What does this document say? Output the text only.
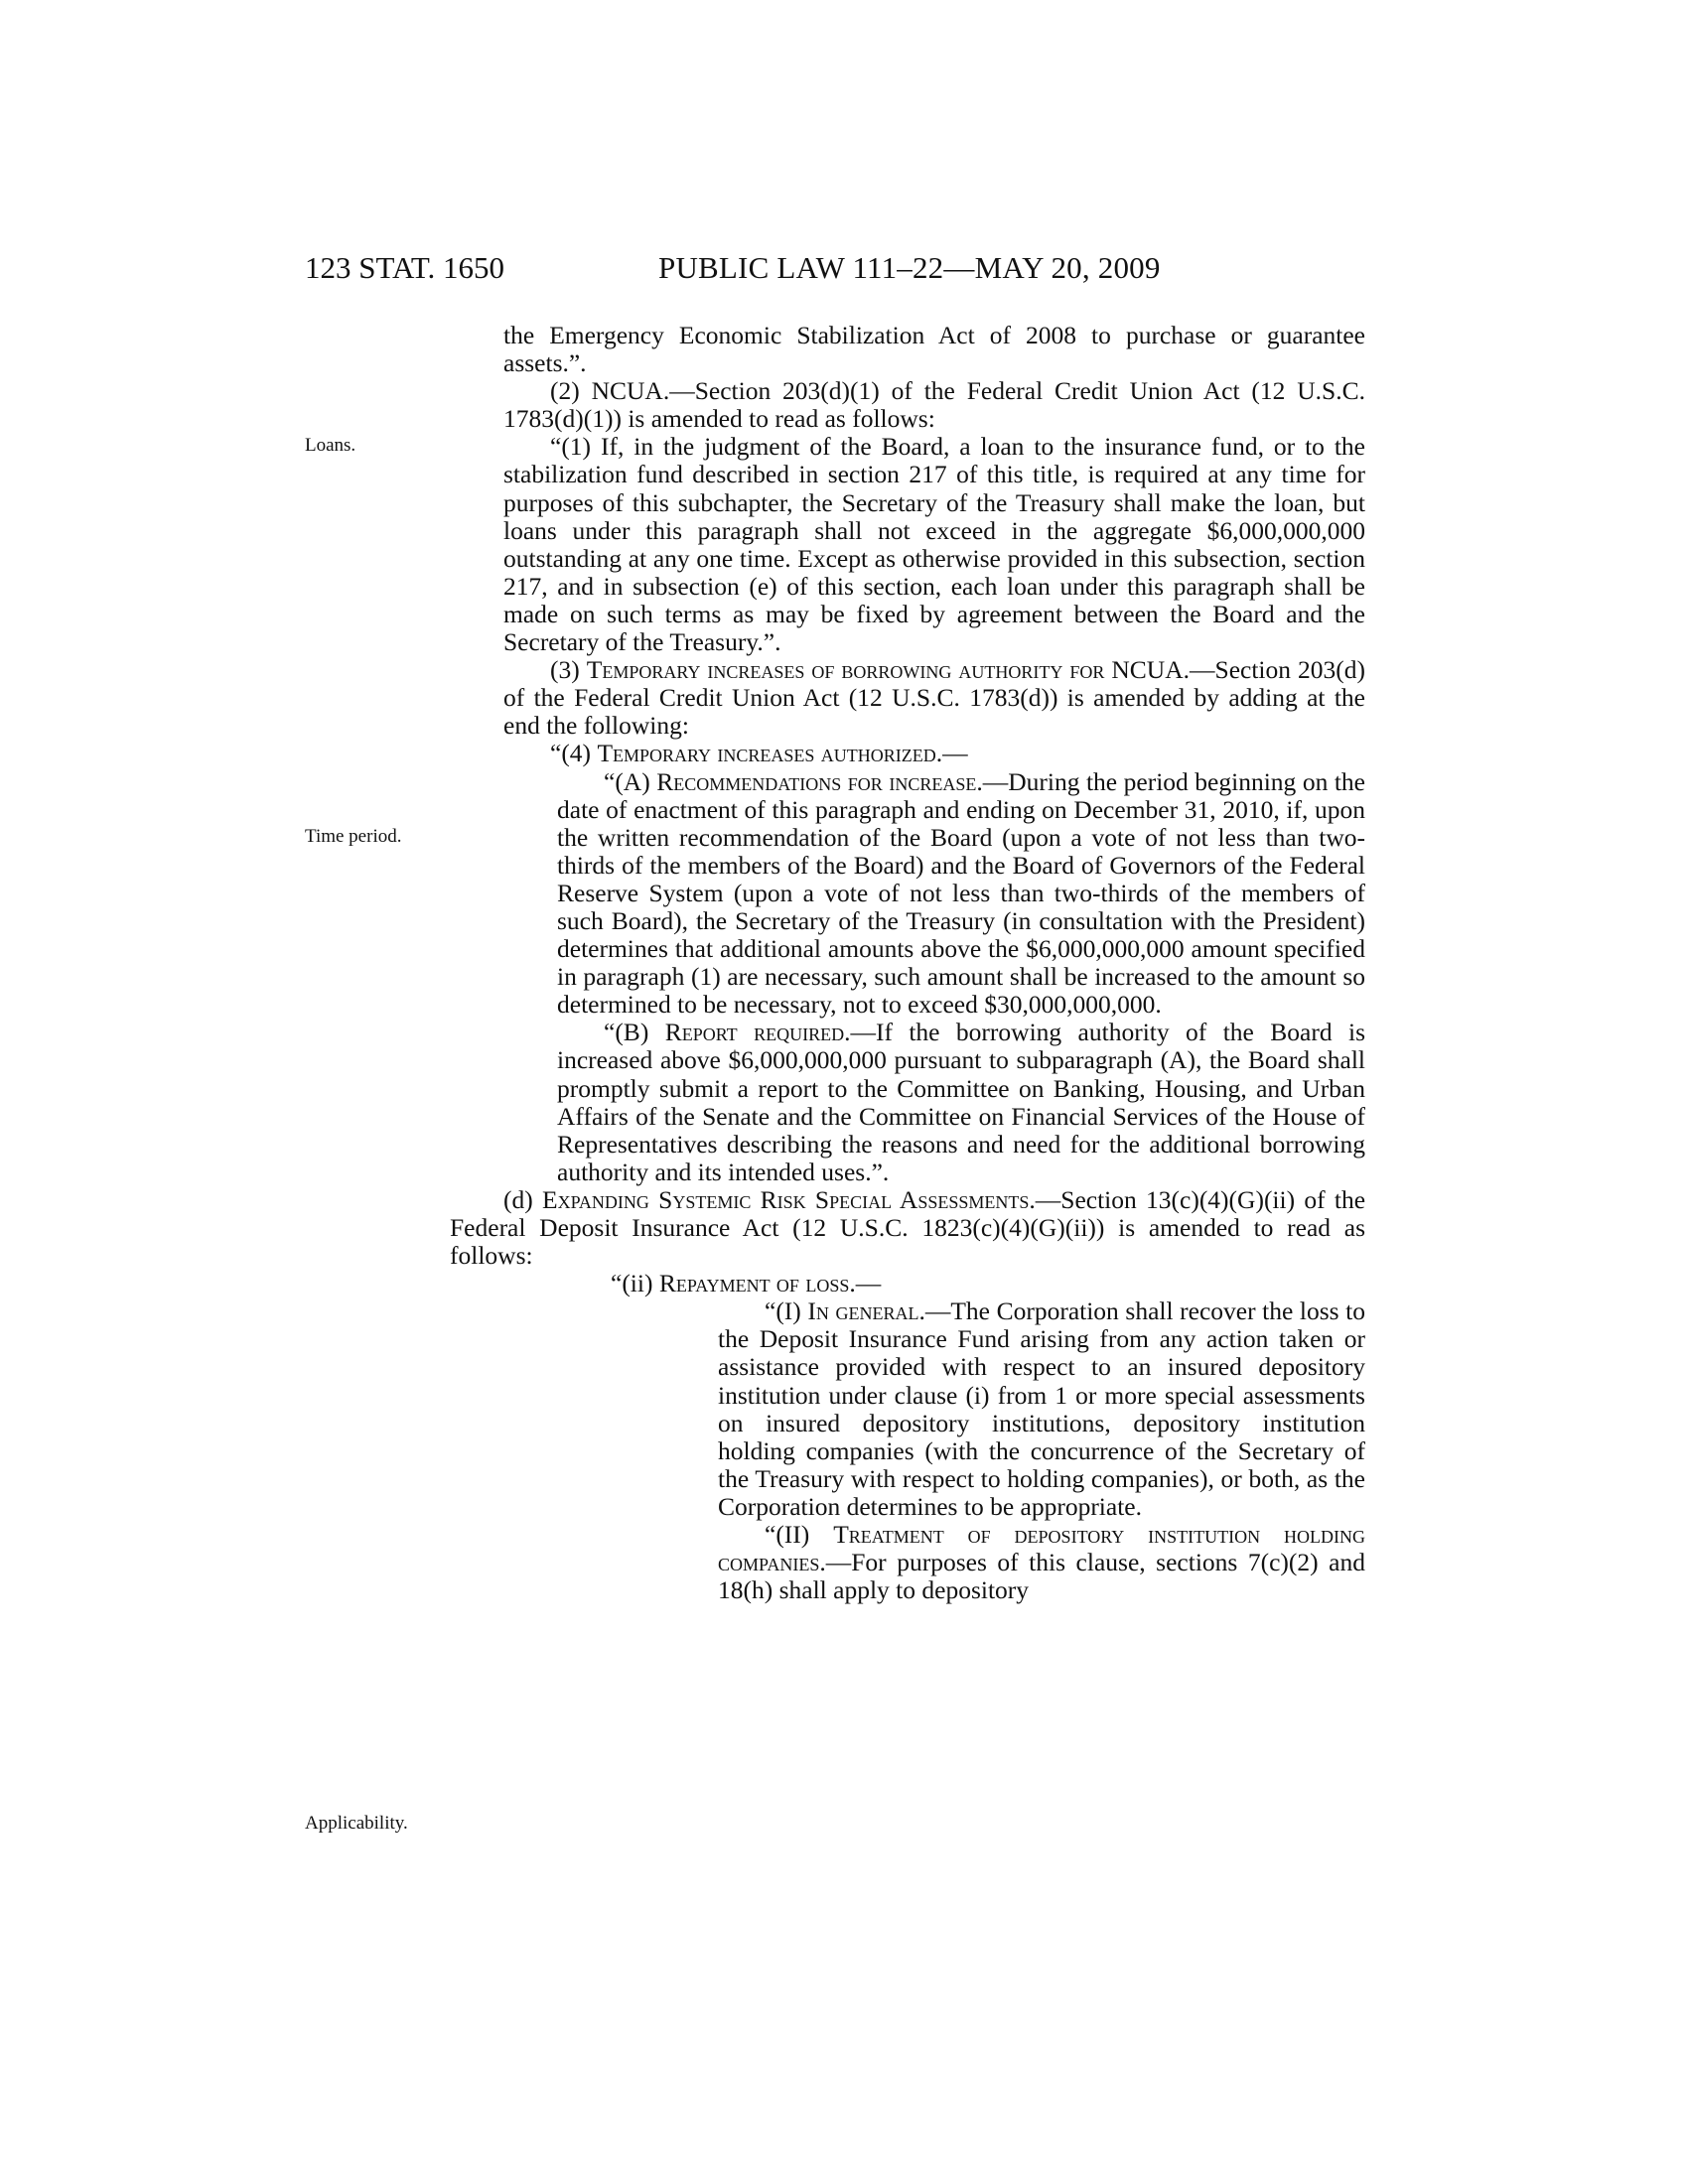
123 STAT. 1650	PUBLIC LAW 111–22—MAY 20, 2009
Loans.
Time period.
Applicability.

the Emergency Economic Stabilization Act of 2008 to purchase or guarantee assets.”.

(2) NCUA.—Section 203(d)(1) of the Federal Credit Union Act (12 U.S.C. 1783(d)(1)) is amended to read as follows:

“(1) If, in the judgment of the Board, a loan to the insurance fund, or to the stabilization fund described in section 217 of this title, is required at any time for purposes of this subchapter, the Secretary of the Treasury shall make the loan, but loans under this paragraph shall not exceed in the aggregate $6,000,000,000 outstanding at any one time. Except as otherwise provided in this subsection, section 217, and in subsection (e) of this section, each loan under this paragraph shall be made on such terms as may be fixed by agreement between the Board and the Secretary of the Treasury.”.

(3) Temporary increases of borrowing authority for NCUA.—Section 203(d) of the Federal Credit Union Act (12 U.S.C. 1783(d)) is amended by adding at the end the following:

“(4) Temporary increases authorized.—

“(A) Recommendations for increase.—During the period beginning on the date of enactment of this paragraph and ending on December 31, 2010, if, upon the written recommendation of the Board (upon a vote of not less than two-thirds of the members of the Board) and the Board of Governors of the Federal Reserve System (upon a vote of not less than two-thirds of the members of such Board), the Secretary of the Treasury (in consultation with the President) determines that additional amounts above the $6,000,000,000 amount specified in paragraph (1) are necessary, such amount shall be increased to the amount so determined to be necessary, not to exceed $30,000,000,000.

“(B) Report required.—If the borrowing authority of the Board is increased above $6,000,000,000 pursuant to subparagraph (A), the Board shall promptly submit a report to the Committee on Banking, Housing, and Urban Affairs of the Senate and the Committee on Financial Services of the House of Representatives describing the reasons and need for the additional borrowing authority and its intended uses.”.

(d) Expanding Systemic Risk Special Assessments.—Section 13(c)(4)(G)(ii) of the Federal Deposit Insurance Act (12 U.S.C. 1823(c)(4)(G)(ii)) is amended to read as follows:

“(ii) Repayment of loss.—

“(I) In general.—The Corporation shall recover the loss to the Deposit Insurance Fund arising from any action taken or assistance provided with respect to an insured depository institution under clause (i) from 1 or more special assessments on insured depository institutions, depository institution holding companies (with the concurrence of the Secretary of the Treasury with respect to holding companies), or both, as the Corporation determines to be appropriate.

“(II) Treatment of depository institution holding companies.—For purposes of this clause, sections 7(c)(2) and 18(h) shall apply to depository
